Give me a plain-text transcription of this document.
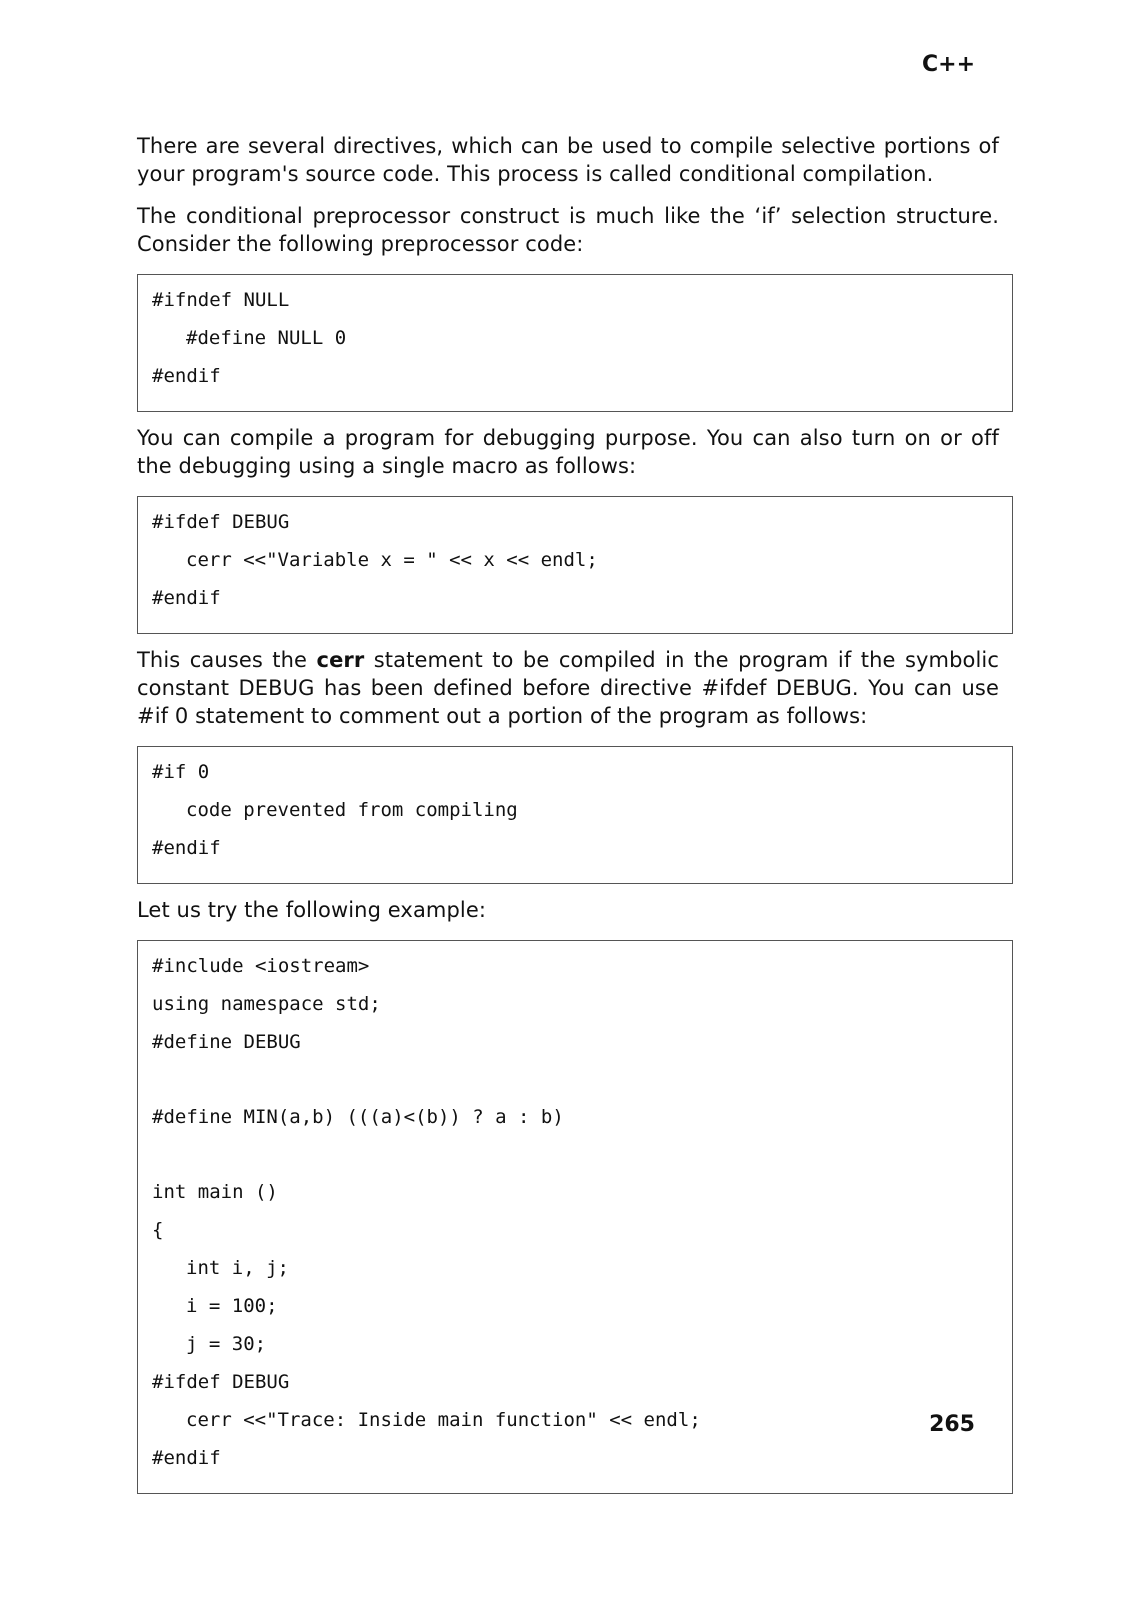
C++

There are several directives, which can be used to compile selective portions of your program's source code. This process is called conditional compilation.

The conditional preprocessor construct is much like the ‘if’ selection structure. Consider the following preprocessor code:

#ifndef NULL
#define NULL 0
#endif

You can compile a program for debugging purpose. You can also turn on or off the debugging using a single macro as follows:

#ifdef DEBUG
cerr <<"Variable x = " << x << endl;
#endif

This causes the cerr statement to be compiled in the program if the symbolic constant DEBUG has been defined before directive #ifdef DEBUG. You can use #if 0 statement to comment out a portion of the program as follows:

#if 0
code prevented from compiling
#endif

Let us try the following example:

#include <iostream>
using namespace std;
#define DEBUG
#define MIN(a,b) (((a)<(b)) ? a : b)
int main ()
{
int i, j;
i = 100;
j = 30;
#ifdef DEBUG
cerr <<"Trace: Inside main function" << endl;
#endif
265
